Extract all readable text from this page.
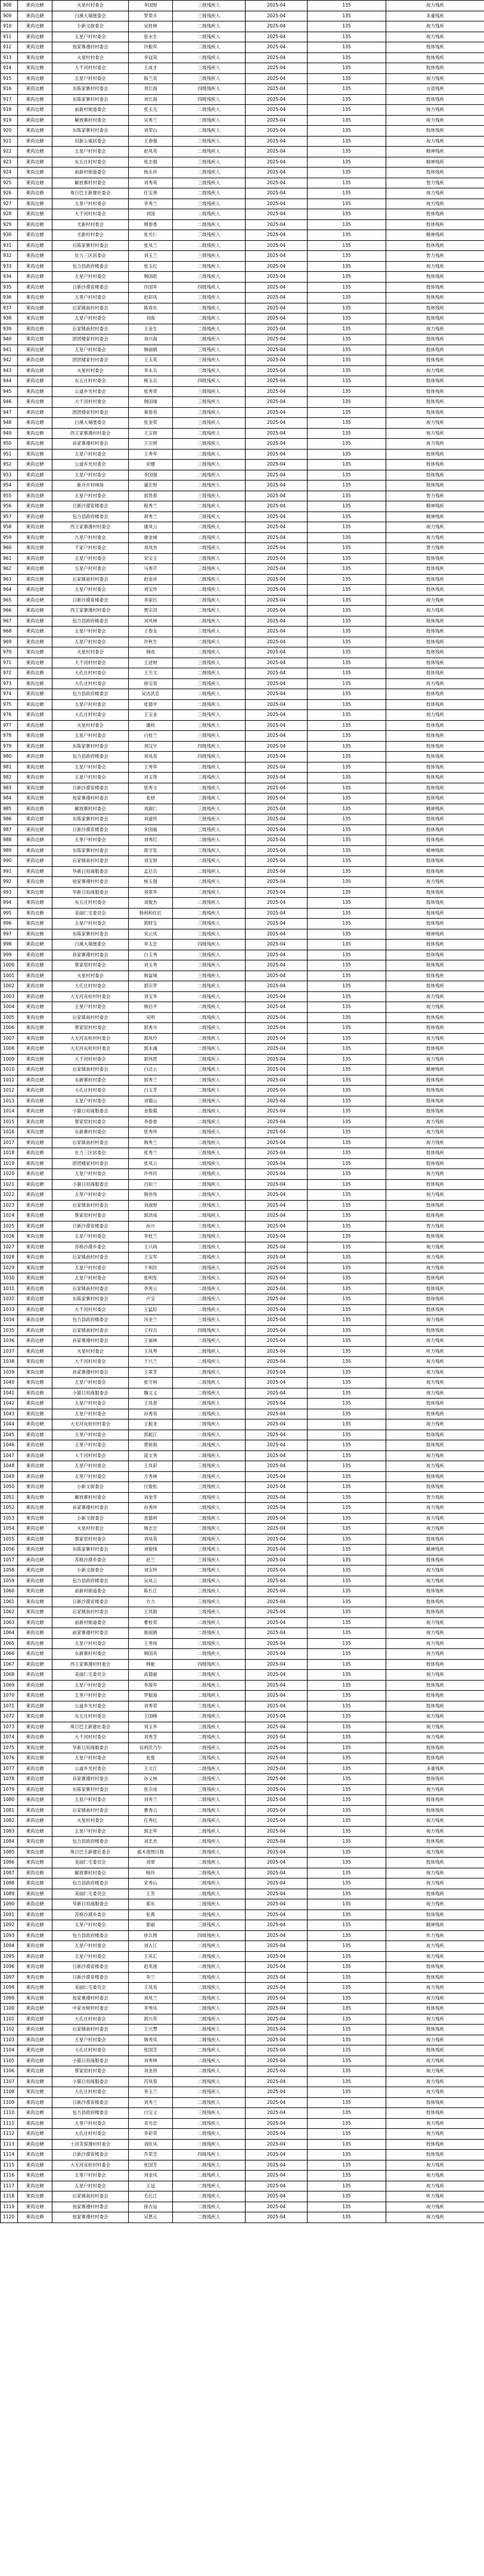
908	莱尚边塘	火星村村委会	李国财	三级残疾人	2025-04	135	视力残疾
909	莱尚边塘	白溪大埔堡委会	罗荣丰	三级残疾人	2025-04	135	多重残疾
910	莱尚边塘	小新文街委会	吴桂林	二级残疾人	2025-04	135	视力残疾
911	莱尚边塘	五星户村村委会	张水生	二级残疾人	2025-04	135	视力残疾
912	莱尚边塘	按家寨漫村村委会	许振军	二级残疾人	2025-04	135	肢体残疾
913	莱尚边塘	火星村村委会	李冠英	二级残疾人	2025-04	135	肢体残疾
914	莱尚边塘	大千河村村委会	王成才	三级残疾人	2025-04	135	肢体残疾
915	莱尚边塘	五星户村村委会	陈兰英	三级残疾人	2025-04	135	视力残疾
916	莱尚边塘	东陈家寨村村委会	刘长海	四级残疾人	2025-04	135	言语残疾
917	莱尚边塘	东陈家寨村村委会	刘长海	四级残疾人	2025-04	135	肢体残疾
918	莱尚边塘	前新村街道委会	张玉凡	二级残疾人	2025-04	135	视力残疾
919	莱尚边塘	解放寨村村委会	吴秀兰	二级残疾人	2025-04	135	视力残疾
920	莱尚边塘	东陈家寨村村委会	刘荣山	二级残疾人	2025-04	135	肢体残疾
921	莱尚边塘	旧新公寓居委会	王春强	三级残疾人	2025-04	135	视力残疾
922	莱尚边塘	五星户村村委会	赵凤英	二级残疾人	2025-04	135	精神残疾
923	莱尚边塘	东五庄村村委会	张志强	三级残疾人	2025-04	135	精神残疾
924	莱尚边塘	前新村街道委会	杨永祥	二级残疾人	2025-04	135	肢体残疾
925	莱尚边塘	解放寨村村委会	刘秀英	三级残疾人	2025-04	135	智力残疾
926	莱尚边塘	珠日巴主新建社委会	任宝善	二级残疾人	2025-04	135	视力残疾
927	莱尚边塘	五里户村村委会	李秀兰	三级残疾人	2025-04	135	视力残疾
928	莱尚边塘	大千河村村委会	刘国	二级残疾人	2025-04	135	肢体残疾
929	莱尚边塘	尤新村村委会	韩春香	二级残疾人	2025-04	135	肢体残疾
930	莱尚边塘	尤新村村委会	张光仁	三级残疾人	2025-04	135	精神残疾
931	莱尚边塘	后陈家寨村村委会	张凤兰	二级残疾人	2025-04	135	肢体残疾
932	莱尚边塘	壮力三区居委会	刘玉兰	三级残疾人	2025-04	135	智力残疾
933	莱尚边塘	包力县政府楼委会	张玉红	二级残疾人	2025-04	135	视力残疾
934	莱尚边塘	五星户村村委会	韩国政	三级残疾人	2025-04	135	肢体残疾
935	莱尚边塘	日新沙漠育楼委会	许国军	四级残疾人	2025-04	135	肢体残疾
936	莱尚边塘	五里户村村委会	赵彩凤	三级残疾人	2025-04	135	肢体残疾
937	莱尚边塘	后家镇南村村委会	陈青东	二级残疾人	2025-04	135	肢体残疾
938	莱尚边塘	五星户村村委会	刘海	二级残疾人	2025-04	135	肢体残疾
939	莱尚边塘	后家镇南村村委会	王金生	二级残疾人	2025-04	135	视力残疾
940	莱尚边塘	团团楼家村村委会	刘兴海	二级残疾人	2025-04	135	肢体残疾
941	莱尚边塘	五星户村村委会	韩丽娟	三级残疾人	2025-04	135	肢体残疾
942	莱尚边塘	团团楼家村村委会	王玉英	三级残疾人	2025-04	135	肢体残疾
943	莱尚边塘	火星村村委会	李永兵	三级残疾人	2025-04	135	视力残疾
944	莱尚边塘	东五庄村村委会	杨玉兵	四级残疾人	2025-04	135	肢体残疾
945	莱尚边塘	公道乡光村委会	张秀荣	三级残疾人	2025-04	135	肢体残疾
946	莱尚边塘	大千河村村委会	韩国瑞	三级残疾人	2025-04	135	肢体残疾
947	莱尚边塘	团团楼家村村委会	秦春英	三级残疾人	2025-04	135	肢体残疾
948	莱尚边塘	白溪大埔堡委会	张金荣	三级残疾人	2025-04	135	视力残疾
949	莱尚边塘	西王家寨漫村村委会	王宝财	二级残疾人	2025-04	135	视力残疾
950	莱尚边塘	孙家寨漫村村委会	王宗财	三级残疾人	2025-04	135	视力残疾
951	莱尚边塘	五星户村村委会	王秀军	二级残疾人	2025-04	135	肢体残疾
952	莱尚边塘	公道乡光村委会	宋健	三级残疾人	2025-04	135	肢体残疾
953	莱尚边塘	五星户村村委会	李国强	二级残疾人	2025-04	135	肢体残疾
954	莱尚边塘	新开开村林场	蒲宏财	二级残疾人	2025-04	135	肢体残疾
955	莱尚边塘	五星户村村委会	郭贵春	三级残疾人	2025-04	135	智力残疾
956	莱尚边塘	日新沙漠育楼委会	程秀兰	二级残疾人	2025-04	135	精神残疾
957	莱尚边塘	包力县政府楼委会	胡秀兰	三级残疾人	2025-04	135	精神残疾
958	莱尚边塘	西王家寨漫村村委会	康凤云	二级残疾人	2025-04	135	视力残疾
959	莱尚边塘	九星户村村委会	康金城	二级残疾人	2025-04	135	视力残疾
960	莱尚边塘	千家户村村委会	刘凤杰	二级残疾人	2025-04	135	智力残疾
961	莱尚边塘	五星户村村委会	宋宝玉	三级残疾人	2025-04	135	肢体残疾
962	莱尚边塘	五星户村村委会	马秀芹	三级残疾人	2025-04	135	肢体残疾
963	莱尚边塘	后家镇南村村委会	赵金祥	二级残疾人	2025-04	135	肢体残疾
964	莱尚边塘	五星户村村委会	刘宝珍	二级残疾人	2025-04	135	肢体残疾
965	莱尚边塘	日新沙漠育楼委会	李家红	二级残疾人	2025-04	135	视力残疾
966	莱尚边塘	西王家寨漫村村委会	贾宗河	二级残疾人	2025-04	135	视力残疾
967	莱尚边塘	包力县政府楼委会	刘风林	二级残疾人	2025-04	135	肢体残疾
968	莱尚边塘	五星户村村委会	王春友	三级残疾人	2025-04	135	肢体残疾
969	莱尚边塘	五星户村村委会	许秋生	二级残疾人	2025-04	135	肢体残疾
970	莱尚边塘	火星村村委会	韩成	二级残疾人	2025-04	135	肢体残疾
971	莱尚边塘	大千河村村委会	王进财	三级残疾人	2025-04	135	肢体残疾
972	莱尚边塘	大孔庄村村委会	王天文	二级残疾人	2025-04	135	肢体残疾
973	莱尚边塘	大孔庄村村委会	徐宝英	三级残疾人	2025-04	135	视力残疾
974	莱尚边塘	包力县政府楼委会	吴达武忠	二级残疾人	2025-04	135	肢体残疾
975	莱尚边塘	五星户村村委会	张德平	二级残疾人	2025-04	135	肢体残疾
976	莱尚边塘	大孔庄村村委会	王宝业	三级残疾人	2025-04	135	视力残疾
977	莱尚边塘	火星村村委会	潘权	三级残疾人	2025-04	135	肢体残疾
978	莱尚边塘	五星户村村委会	白桂兰	三级残疾人	2025-04	135	肢体残疾
979	莱尚边塘	东陈家寨村村委会	刘汉宇	四级残疾人	2025-04	135	肢体残疾
980	莱尚边塘	包力县政府楼委会	刘凤英	四级残疾人	2025-04	135	肢体残疾
981	莱尚边塘	五星户村村委会	王秀军	二级残疾人	2025-04	135	肢体残疾
982	莱尚边塘	五星户村村委会	刘玉贤	三级残疾人	2025-04	135	肢体残疾
983	莱尚边塘	日新沙漠育楼委会	张秀文	二级残疾人	2025-04	135	肢体残疾
984	莱尚边塘	按家寨漫村村委会	张财	三级残疾人	2025-04	135	肢体残疾
985	莱尚边塘	解放寨村村委会	刘淑仁	三级残疾人	2025-04	135	精神残疾
986	莱尚边塘	东陈家寨村村委会	刘道铁	三级残疾人	2025-04	135	肢体残疾
987	莱尚边塘	日新沙漠育楼委会	宋国福	三级残疾人	2025-04	135	肢体残疾
988	莱尚边塘	五里户村村委会	刘秀红	二级残疾人	2025-04	135	肢体残疾
989	莱尚边塘	东陈家寨村村委会	席守发	三级残疾人	2025-04	135	精神残疾
990	莱尚边塘	后家镇南村村委会	刘宝财	二级残疾人	2025-04	135	肢体残疾
991	莱尚边塘	华新日用商服委会	孟启兵	二级残疾人	2025-04	135	肢体残疾
992	莱尚边塘	按家寨漫村村委会	杨玉强	二级残疾人	2025-04	135	视力残疾
993	莱尚边塘	华新日用商服委会	刘翠华	二级残疾人	2025-04	135	肢体残疾
994	莱尚边塘	东五庄村村委会	刘俊杰	二级残疾人	2025-04	135	肢体残疾
995	莱尚边塘	美丽仁宅委员会	韩利和任红	二级残疾人	2025-04	135	肢体残疾
996	莱尚边塘	五星户村村委会	郭财宝	三级残疾人	2025-04	135	肢体残疾
997	莱尚边塘	东陈家寨村村委会	宋云凤	三级残疾人	2025-04	135	精神残疾
998	莱尚边塘	白溪大埔堡委会	李玉忠	四级残疾人	2025-04	135	肢体残疾
999	莱尚边塘	孙家寨漫村村委会	白玉秀	三级残疾人	2025-04	135	肢体残疾
1000	莱尚边塘	蔡家窑村村委会	刘玉秀	三级残疾人	2025-04	135	肢体残疾
1001	莱尚边塘	火星村村委会	韩富城	三级残疾人	2025-04	135	肢体残疾
1002	莱尚边塘	大孔庄村村委会	郭宗苹	二级残疾人	2025-04	135	肢体残疾
1003	莱尚边塘	大无河良栓村村委会	刘宝华	二级残疾人	2025-04	135	视力残疾
1004	莱尚边塘	五里户村村委会	韩启平	二级残疾人	2025-04	135	视力残疾
1005	莱尚边塘	后家镇南村村委会	吴明	二级残疾人	2025-04	135	肢体残疾
1006	莱尚边塘	蔡家窑村村委会	郭秀月	二级残疾人	2025-04	135	肢体残疾
1007	莱尚边塘	大无河良栓村村委会	郭凤玲	二级残疾人	2025-04	135	视力残疾
1008	莱尚边塘	大无河良栓村村委会	郭永魂	二级残疾人	2025-04	135	肢体残疾
1009	莱尚边塘	大千河村村委会	郭伟恩	三级残疾人	2025-04	135	视力残疾
1010	莱尚边塘	后家镇南村村委会	白洁云	三级残疾人	2025-04	135	精神残疾
1011	莱尚边塘	东新寨村村委会	郭秀兰	二级残疾人	2025-04	135	肢体残疾
1012	莱尚边塘	大孔庄村村委会	白玉芳	二级残疾人	2025-04	135	肢体残疾
1013	莱尚边塘	五星户村村委会	刘德山	三级残疾人	2025-04	135	肢体残疾
1014	莱尚边塘	小猫日用商服委会	金俊霞	二级残疾人	2025-04	135	肢体残疾
1015	莱尚边塘	蔡家窑村村委会	李春香	二级残疾人	2025-04	135	视力残疾
1016	莱尚边塘	东新寨村村委会	张秀珍	二级残疾人	2025-04	135	视力残疾
1017	莱尚边塘	后家镇南村村委会	韩秀兰	二级残疾人	2025-04	135	视力残疾
1018	莱尚边塘	壮力三区居委会	张秀兰	三级残疾人	2025-04	135	肢体残疾
1019	莱尚边塘	团团楼家村村委会	张凤云	二级残疾人	2025-04	135	肢体残疾
1020	莱尚边塘	五星户村村委会	许伟民	二级残疾人	2025-04	135	视力残疾
1021	莱尚边塘	小猫日用商服委会	吕如兰	二级残疾人	2025-04	135	肢体残疾
1022	莱尚边塘	五里户村村委会	韩世伟	二级残疾人	2025-04	135	视力残疾
1023	莱尚边塘	后家镇南村村委会	刘淑财	三级残疾人	2025-04	135	肢体残疾
1024	莱尚边塘	蔡家窑村村委会	郭洪成	二级残疾人	2025-04	135	肢体残疾
1025	莱尚边塘	日新沙漠育楼委会	孙兴	三级残疾人	2025-04	135	智力残疾
1026	莱尚边塘	五星户村村委会	李桂兰	三级残疾人	2025-04	135	肢体残疾
1027	莱尚边塘	苏格沙漠乡委会	王兴尚	三级残疾人	2025-04	135	视力残疾
1028	莱尚边塘	后家镇南村村委会	王宝军	二级残疾人	2025-04	135	视力残疾
1029	莱尚边塘	五星户村村委会	于利民	二级残疾人	2025-04	135	视力残疾
1030	莱尚边塘	五星户村村委会	张明发	三级残疾人	2025-04	135	肢体残疾
1031	莱尚边塘	后家镇南村村委会	李秀云	二级残疾人	2025-04	135	肢体残疾
1032	莱尚边塘	东陈家寨村村委会	卢宝	二级残疾人	2025-04	135	肢体残疾
1033	莱尚边塘	大千河村村委会	王猛好	二级残疾人	2025-04	135	肢体残疾
1034	莱尚边塘	包力县政府楼委会	冯金兰	三级残疾人	2025-04	135	视力残疾
1035	莱尚边塘	后家镇南村村委会	王权兵	四级残疾人	2025-04	135	肢体残疾
1036	莱尚边塘	孙家寨漫村村委会	王福林	二级残疾人	2025-04	135	视力残疾
1037	莱尚边塘	火星村村委会	王凤琴	二级残疾人	2025-04	135	听力残疾
1038	莱尚边塘	大千河村村委会	于兴兰	二级残疾人	2025-04	135	视力残疾
1039	莱尚边塘	孙家寨漫村村委会	王翠芳	二级残疾人	2025-04	135	视力残疾
1040	莱尚边塘	五星户村村委会	张守利	二级残疾人	2025-04	135	视力残疾
1041	莱尚边塘	小猫日用商服委会	魏文义	二级残疾人	2025-04	135	视力残疾
1042	莱尚边塘	五星户村村委会	王凤春	二级残疾人	2025-04	135	肢体残疾
1043	莱尚边塘	五星户村村委会	孙秀英	二级残疾人	2025-04	135	肢体残疾
1044	莱尚边塘	大无河良栓村村委会	王振龙	二级残疾人	2025-04	135	视力残疾
1045	莱尚边塘	五里户村村委会	郭振江	二级残疾人	2025-04	135	肢体残疾
1046	莱尚边塘	五里户村村委会	黄锐海	二级残疾人	2025-04	135	肢体残疾
1047	莱尚边塘	大千河村村委会	蓝文秀	二级残疾人	2025-04	135	视力残疾
1048	莱尚边塘	五星户村村委会	王凤彩	三级残疾人	2025-04	135	视力残疾
1049	莱尚边塘	五里户村村委会	方秀林	二级残疾人	2025-04	135	肢体残疾
1050	莱尚边塘	小新文街委会	付俊松	三级残疾人	2025-04	135	肢体残疾
1051	莱尚边塘	解放寨村村委会	刘金芳	二级残疾人	2025-04	135	智力残疾
1052	莱尚边塘	孙家寨漫村村委会	孙秀珍	二级残疾人	2025-04	135	视力残疾
1053	莱尚边塘	小新文街委会	袁德利	二级残疾人	2025-04	135	视力残疾
1054	莱尚边塘	火星村村委会	韩志宏	二级残疾人	2025-04	135	视力残疾
1055	莱尚边塘	蔡家窑村村委会	刘凤英	二级残疾人	2025-04	135	肢体残疾
1056	莱尚边塘	东陈家寨村村委会	刘俊锋	三级残疾人	2025-04	135	精神残疾
1057	莱尚边塘	苏格沙漠乡委会	赵兰	三级残疾人	2025-04	135	肢体残疾
1058	莱尚边塘	小新文街委会	刘宝珍	二级残疾人	2025-04	135	视力残疾
1059	莱尚边塘	包力县政府楼委会	吴凤云	二级残疾人	2025-04	135	视力残疾
1060	莱尚边塘	前新村街道委会	陈长江	三级残疾人	2025-04	135	肢体残疾
1061	莱尚边塘	日新沙漠育楼委会	方力	三级残疾人	2025-04	135	肢体残疾
1062	莱尚边塘	后家镇南村村委会	王风银	三级残疾人	2025-04	135	肢体残疾
1063	莱尚边塘	前新村街道委会	曹桂荣	二级残疾人	2025-04	135	视力残疾
1064	莱尚边塘	前家寨漫村村委会	崔丽娟	二级残疾人	2025-04	135	视力残疾
1065	莱尚边塘	五星户村村委会	王秀枝	二级残疾人	2025-04	135	视力残疾
1066	莱尚边塘	东新寨村村委会	韩国英	二级残疾人	2025-04	135	视力残疾
1067	莱尚边塘	西王家寨漫村村委会	韩振	四级残疾人	2025-04	135	肢体残疾
1068	莱尚边塘	美丽仁宅委员会	高德丽	二级残疾人	2025-04	135	视力残疾
1069	莱尚边塘	五星户村村委会	李海军	二级残疾人	2025-04	135	肢体残疾
1070	莱尚边塘	五里户村村委会	罗振海	二级残疾人	2025-04	135	肢体残疾
1071	莱尚边塘	公道乡光村委会	刘秀荣	三级残疾人	2025-04	135	肢体残疾
1072	莱尚边塘	东五庄村村委会	王国峰	二级残疾人	2025-04	135	视力残疾
1073	莱尚边塘	珠日巴主新建社委会	刘玉华	三级残疾人	2025-04	135	视力残疾
1074	莱尚边塘	大千河村村委会	刘秀芝	二级残疾人	2025-04	135	视力残疾
1075	莱尚边塘	华新日用商服委会	信利民乃尔	二级残疾人	2025-04	135	肢体残疾
1076	莱尚边塘	五星户村村委会	张俊	三级残疾人	2025-04	135	肢体残疾
1077	莱尚边塘	公道乡光村委会	王文江	二级残疾人	2025-04	135	多重残疾
1078	莱尚边塘	孙家寨漫村村委会	孙义林	二级残疾人	2025-04	135	肢体残疾
1079	莱尚边塘	东陈家寨村村委会	张宗成	三级残疾人	2025-04	135	视力残疾
1080	莱尚边塘	五星户村村委会	刘秀兰	二级残疾人	2025-04	135	肢体残疾
1081	莱尚边塘	后家镇南村村委会	曹秀云	二级残疾人	2025-04	135	肢体残疾
1082	莱尚边塘	火星村村委会	任秀红	二级残疾人	2025-04	135	视力残疾
1083	莱尚边塘	五星户村村委会	郭志军	二级残疾人	2025-04	135	视力残疾
1084	莱尚边塘	包力县政府楼委会	刘忠杰	二级残疾人	2025-04	135	肢体残疾
1085	莱尚边塘	珠日巴主新建社委会	郝木澄图日格	二级残疾人	2025-04	135	视力残疾
1086	莱尚边塘	美丽仁宅委员会	刘翠	二级残疾人	2025-04	135	肢体残疾
1087	莱尚边塘	解放寨村村委会	杨玲	二级残疾人	2025-04	135	视力残疾
1088	莱尚边塘	包力县政府楼委会	宋秀山	二级残疾人	2025-04	135	视力残疾
1089	莱尚边塘	美丽仁宅委员会	王芳	二级残疾人	2025-04	135	肢体残疾
1090	莱尚边塘	华新日用商服委会	郭东	二级残疾人	2025-04	135	视力残疾
1091	莱尚边塘	苏格沙漠乡委会	张燕	二级残疾人	2025-04	135	肢体残疾
1092	莱尚边塘	五里户村村委会	郭丽	三级残疾人	2025-04	135	精神残疾
1093	莱尚边塘	包力县政府楼委会	徐兵图	四级残疾人	2025-04	135	听力残疾
1094	莱尚边塘	五星户村村委会	刘占江	二级残疾人	2025-04	135	视力残疾
1095	莱尚边塘	五星户村村委会	王其汇	二级残疾人	2025-04	135	视力残疾
1096	莱尚边塘	日新沙漠育楼委会	赵英莲	二级残疾人	2025-04	135	肢体残疾
1097	莱尚边塘	日新沙漠育楼委会	李兰	二级残疾人	2025-04	135	肢体残疾
1098	莱尚边塘	美丽仁宅委员会	王凤英	二级残疾人	2025-04	135	视力残疾
1099	莱尚边塘	按家寨漫村村委会	刘凤兰	二级残疾人	2025-04	135	视力残疾
1100	莱尚边塘	中家市树村村委会	李秀凤	二级残疾人	2025-04	135	肢体残疾
1101	莱尚边塘	大孔庄村村委会	郭兴荣	二级残疾人	2025-04	135	视力残疾
1102	莱尚边塘	后家镇南村村委会	王兴慧	二级残疾人	2025-04	135	肢体残疾
1103	莱尚边塘	五星户村村委会	韩秀凤	二级残疾人	2025-04	135	视力残疾
1104	莱尚边塘	大孔庄村村委会	张国芝	二级残疾人	2025-04	135	肢体残疾
1105	莱尚边塘	小猫日用商服委会	刘秀坤	二级残疾人	2025-04	135	视力残疾
1106	莱尚边塘	蔡家窑村村委会	刘金昌	二级残疾人	2025-04	135	视力残疾
1107	莱尚边塘	小猫日用商服委会	芮凤蓉	二级残疾人	2025-04	135	视力残疾
1108	莱尚边塘	大孔庄村村委会	李玉兰	二级残疾人	2025-04	135	视力残疾
1109	莱尚边塘	日新沙漠育楼委会	刘秀兰	二级残疾人	2025-04	135	肢体残疾
1110	莱尚边塘	包力县政府楼委会	白宝义	三级残疾人	2025-04	135	肢体残疾
1111	莱尚边塘	五里户村村委会	邓光忠	二级残疾人	2025-04	135	视力残疾
1112	莱尚边塘	大孔庄村村委会	李彩荣	二级残疾人	2025-04	135	视力残疾
1113	莱尚边塘	土河芙蓉漫村村委会	刘旺凤	二级残疾人	2025-04	135	肢体残疾
1114	莱尚边塘	日新沙漠育楼委会	乔荣芝	四级残疾人	2025-04	135	肢体残疾
1115	莱尚边塘	大无河良栓村村委会	张国芳	二级残疾人	2025-04	135	视力残疾
1116	莱尚边塘	五里户村村委会	刘金凤	二级残疾人	2025-04	135	视力残疾
1117	莱尚边塘	五星户村村委会	王冠	二级残疾人	2025-04	135	视力残疾
1118	莱尚边塘	后家镇南村村委会	毛长江	二级残疾人	2025-04	135	听力残疾
1119	莱尚边塘	按家寨漫村村委会	徐吉汕	二级残疾人	2025-04	135	视力残疾
1120	莱尚边塘	按家寨漫村村委会	吴恩元	二级残疾人	2025-04	135	视力残疾
